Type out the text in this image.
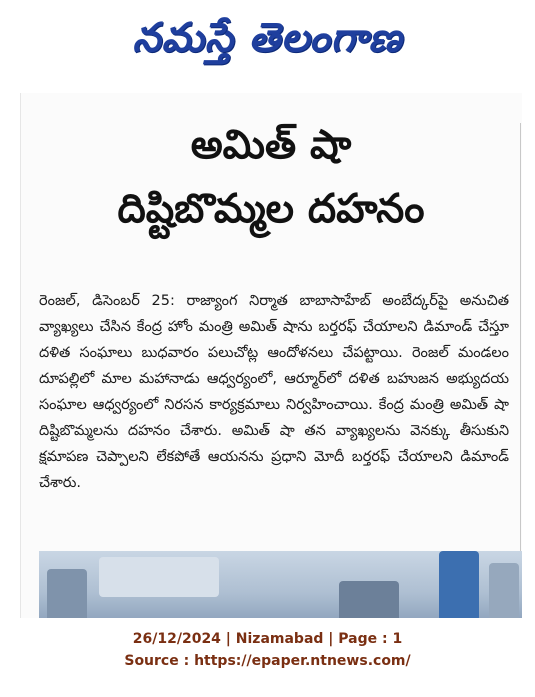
నమస్తే తెలంగాణ
అమిత్ షా
దిష్టిబొమ్మల దహనం

రెంజల్, డిసెంబర్ 25: రాజ్యాంగ నిర్మాత బాబాసాహేబ్ అంబేద్కర్‌పై అనుచిత వ్యాఖ్యలు చేసిన కేంద్ర హోం మంత్రి అమిత్ షాను బర్తరఫ్ చేయాలని డిమాండ్ చేస్తూ దళిత సంఘాలు బుధవారం పలుచోట్ల ఆందోళనలు చేపట్టాయి. రెంజల్ మండలం దూపల్లిలో మాల మహానాడు ఆధ్వర్యంలో, ఆర్మూర్‌లో దళిత బహుజన అభ్యుదయ సంఘాల ఆధ్వర్యంలో నిరసన కార్యక్రమాలు నిర్వహించాయి. కేంద్ర మంత్రి అమిత్ షా దిష్టిబొమ్మలను దహనం చేశారు. అమిత్ షా తన వ్యాఖ్యలను వెనక్కు తీసుకుని క్షమాపణ చెప్పాలని లేకపోతే ఆయనను ప్రధాని మోదీ బర్తరఫ్ చేయాలని డిమాండ్ చేశారు.

26/12/2024 | Nizamabad | Page : 1
Source : https://epaper.ntnews.com/
